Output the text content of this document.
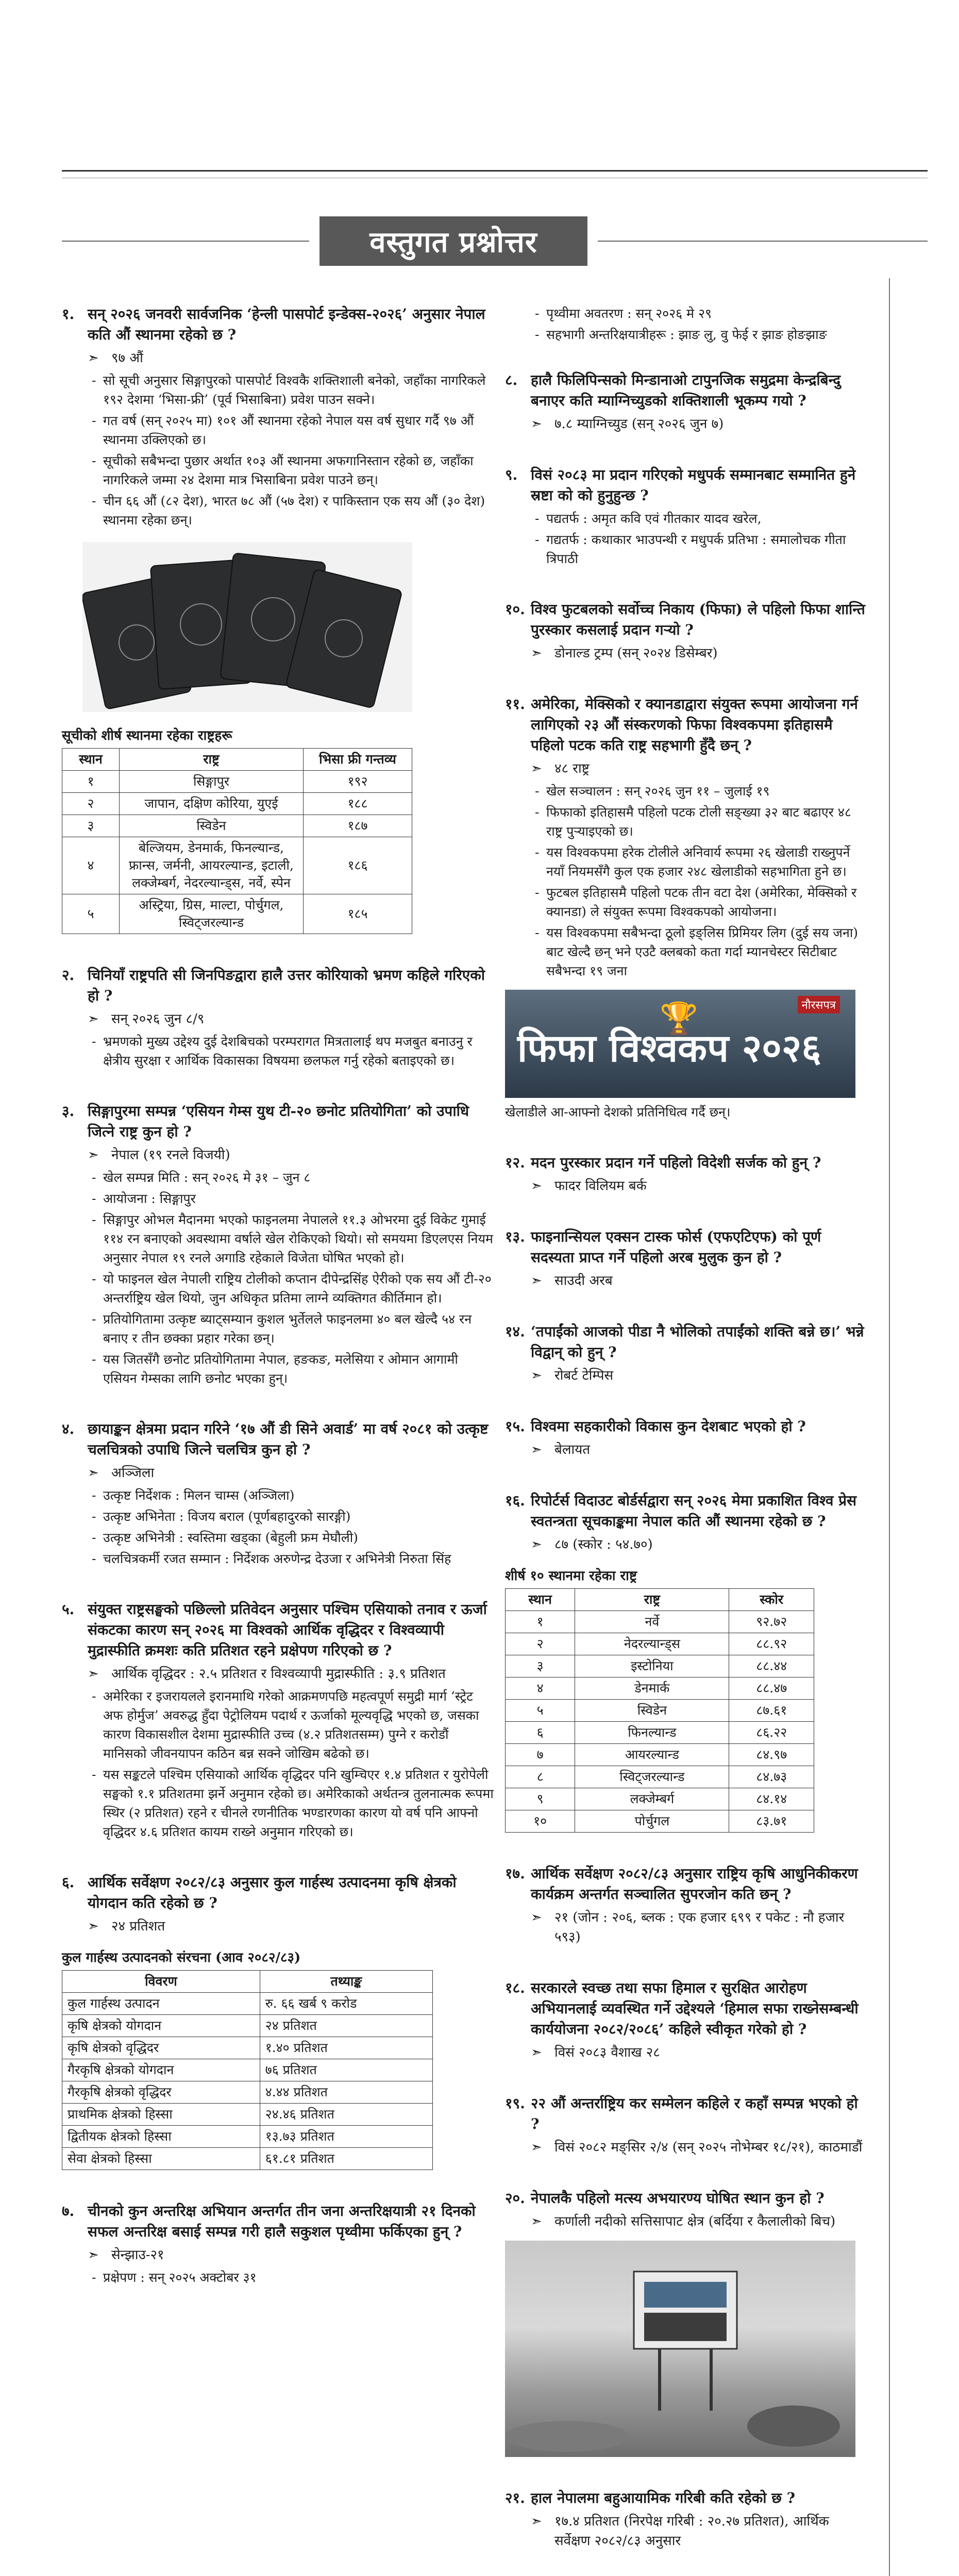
वस्तुगत प्रश्नोत्तर
१. सन् २०२६ जनवरी सार्वजनिक ‘हेन्ली पासपोर्ट इन्डेक्स-२०२६’ अनुसार नेपाल कति औं स्थानमा रहेको छ ?
➣ ९७ औं
- सो सूची अनुसार सिङ्गापुरको पासपोर्ट विश्वकै शक्तिशाली बनेको, जहाँका नागरिकले १९२ देशमा ‘भिसा-फ्री’ (पूर्व भिसाबिना) प्रवेश पाउन सक्ने।
- गत वर्ष (सन् २०२५ मा) १०१ औं स्थानमा रहेको नेपाल यस वर्ष सुधार गर्दै ९७ औं स्थानमा उक्लिएको छ।
- सूचीको सबैभन्दा पुछार अर्थात १०३ औं स्थानमा अफगानिस्तान रहेको छ, जहाँका नागरिकले जम्मा २४ देशमा मात्र भिसाबिना प्रवेश पाउने छन्।
- चीन ६६ औं (८२ देश), भारत ७८ औं (५७ देश) र पाकिस्तान एक सय औं (३० देश) स्थानमा रहेका छन्।
सूचीको शीर्ष स्थानमा रहेका राष्ट्रहरू
स्थान	राष्ट्र	भिसा फ्री गन्तव्य
१	सिङ्गापुर	१९२
२	जापान, दक्षिण कोरिया, युएई	१८८
३	स्विडेन	१८७
४	बेल्जियम, डेनमार्क, फिनल्यान्ड, फ्रान्स, जर्मनी, आयरल्यान्ड, इटाली, लक्जेम्बर्ग, नेदरल्यान्ड्स, नर्वे, स्पेन	१८६
५	अस्ट्रिया, ग्रिस, माल्टा, पोर्चुगल, स्विट्जरल्यान्ड	१८५
२. चिनियाँ राष्ट्रपति सी जिनपिङद्वारा हालै उत्तर कोरियाको भ्रमण कहिले गरिएको हो ?
➣ सन् २०२६ जुन ८/९
- भ्रमणको मुख्य उद्देश्य दुई देशबिचको परम्परागत मित्रतालाई थप मजबुत बनाउनु र क्षेत्रीय सुरक्षा र आर्थिक विकासका विषयमा छलफल गर्नु रहेको बताइएको छ।
३. सिङ्गापुरमा सम्पन्न ‘एसियन गेम्स युथ टी-२० छनोट प्रतियोगिता’ को उपाधि जित्ने राष्ट्र कुन हो ?
➣ नेपाल (१९ रनले विजयी)
- खेल सम्पन्न मिति : सन् २०२६ मे ३१ – जुन ८
- आयोजना : सिङ्गापुर
- सिङ्गापुर ओभल मैदानमा भएको फाइनलमा नेपालले ११.३ ओभरमा दुई विकेट गुमाई ११४ रन बनाएको अवस्थामा वर्षाले खेल रोकिएको थियो। सो समयमा डिएलएस नियम अनुसार नेपाल १९ रनले अगाडि रहेकाले विजेता घोषित भएको हो।
- यो फाइनल खेल नेपाली राष्ट्रिय टोलीको कप्तान दीपेन्द्रसिंह ऐरीको एक सय औं टी-२० अन्तर्राष्ट्रिय खेल थियो, जुन अधिकृत प्रतिमा लाग्ने व्यक्तिगत कीर्तिमान हो।
- प्रतियोगितामा उत्कृष्ट ब्याट्सम्यान कुशल भुर्तेलले फाइनलमा ४० बल खेल्दै ५४ रन बनाए र तीन छक्का प्रहार गरेका छन्।
- यस जितसँगै छनोट प्रतियोगितामा नेपाल, हङकङ, मलेसिया र ओमान आगामी एसियन गेम्सका लागि छनोट भएका हुन्।
४. छायाङ्कन क्षेत्रमा प्रदान गरिने ‘१७ औं डी सिने अवार्ड’ मा वर्ष २०८१ को उत्कृष्ट चलचित्रको उपाधि जित्ने चलचित्र कुन हो ?
➣ अञ्जिला
- उत्कृष्ट निर्देशक : मिलन चाम्स (अञ्जिला)
- उत्कृष्ट अभिनेता : विजय बराल (पूर्णबहादुरको सारङ्गी)
- उत्कृष्ट अभिनेत्री : स्वस्तिमा खड्का (बेहुली फ्रम मेघौली)
- चलचित्रकर्मी रजत सम्मान : निर्देशक अरुणेन्द्र देउजा र अभिनेत्री निरुता सिंह
५. संयुक्त राष्ट्रसङ्घको पछिल्लो प्रतिवेदन अनुसार पश्चिम एसियाको तनाव र ऊर्जा संकटका कारण सन् २०२६ मा विश्वको आर्थिक वृद्धिदर र विश्वव्यापी मुद्रास्फीति क्रमशः कति प्रतिशत रहने प्रक्षेपण गरिएको छ ?
➣ आर्थिक वृद्धिदर : २.५ प्रतिशत र विश्वव्यापी मुद्रास्फीति : ३.९ प्रतिशत
- अमेरिका र इजरायलले इरानमाथि गरेको आक्रमणपछि महत्वपूर्ण समुद्री मार्ग ‘स्ट्रेट अफ होर्मुज’ अवरुद्ध हुँदा पेट्रोलियम पदार्थ र ऊर्जाको मूल्यवृद्धि भएको छ, जसका कारण विकासशील देशमा मुद्रास्फीति उच्च (४.२ प्रतिशतसम्म) पुग्ने र करोडौं मानिसको जीवनयापन कठिन बन्न सक्ने जोखिम बढेको छ।
- यस सङ्कटले पश्चिम एसियाको आर्थिक वृद्धिदर पनि खुम्चिएर १.४ प्रतिशत र युरोपेली सङ्घको १.१ प्रतिशतमा झर्ने अनुमान रहेको छ। अमेरिकाको अर्थतन्त्र तुलनात्मक रूपमा स्थिर (२ प्रतिशत) रहने र चीनले रणनीतिक भण्डारणका कारण यो वर्ष पनि आफ्नो वृद्धिदर ४.६ प्रतिशत कायम राख्ने अनुमान गरिएको छ।
६. आर्थिक सर्वेक्षण २०८२/८३ अनुसार कुल गार्हस्थ उत्पादनमा कृषि क्षेत्रको योगदान कति रहेको छ ?
➣ २४ प्रतिशत
कुल गार्हस्थ उत्पादनको संरचना (आव २०८२/८३)
विवरण	तथ्याङ्क
कुल गार्हस्थ उत्पादन	रु. ६६ खर्ब ९ करोड
कृषि क्षेत्रको योगदान	२४ प्रतिशत
कृषि क्षेत्रको वृद्धिदर	१.४० प्रतिशत
गैरकृषि क्षेत्रको योगदान	७६ प्रतिशत
गैरकृषि क्षेत्रको वृद्धिदर	४.४४ प्रतिशत
प्राथमिक क्षेत्रको हिस्सा	२४.४६ प्रतिशत
द्वितीयक क्षेत्रको हिस्सा	१३.७३ प्रतिशत
सेवा क्षेत्रको हिस्सा	६१.८१ प्रतिशत
७. चीनको कुन अन्तरिक्ष अभियान अन्तर्गत तीन जना अन्तरिक्षयात्री २१ दिनको सफल अन्तरिक्ष बसाई सम्पन्न गरी हालै सकुशल पृथ्वीमा फर्किएका हुन् ?
➣ सेन्झाउ-२१
- प्रक्षेपण : सन् २०२५ अक्टोबर ३१
- पृथ्वीमा अवतरण : सन् २०२६ मे २९
- सहभागी अन्तरिक्षयात्रीहरू : झाङ लु, वु फेई र झाङ होङझाङ
८. हालै फिलिपिन्सको मिन्डानाओ टापुनजिक समुद्रमा केन्द्रबिन्दु बनाएर कति म्याग्निच्युडको शक्तिशाली भूकम्प गयो ?
➣ ७.८ म्याग्निच्युड (सन् २०२६ जुन ७)
९. विसं २०८३ मा प्रदान गरिएको मधुपर्क सम्मानबाट सम्मानित हुने स्रष्टा को को हुनुहुन्छ ?
- पद्यतर्फ : अमृत कवि एवं गीतकार यादव खरेल,
- गद्यतर्फ : कथाकार भाउपन्थी र मधुपर्क प्रतिभा : समालोचक गीता त्रिपाठी
१०. विश्व फुटबलको सर्वोच्च निकाय (फिफा) ले पहिलो फिफा शान्ति पुरस्कार कसलाई प्रदान गर्‍यो ?
➣ डोनाल्ड ट्रम्प (सन् २०२४ डिसेम्बर)
११. अमेरिका, मेक्सिको र क्यानडाद्वारा संयुक्त रूपमा आयोजना गर्न लागिएको २३ औं संस्करणको फिफा विश्वकपमा इतिहासमै पहिलो पटक कति राष्ट्र सहभागी हुँदै छन् ?
➣ ४८ राष्ट्र
- खेल सञ्चालन : सन् २०२६ जुन ११ – जुलाई १९
- फिफाको इतिहासमै पहिलो पटक टोली सङ्ख्या ३२ बाट बढाएर ४८ राष्ट्र पुऱ्याइएको छ।
- यस विश्वकपमा हरेक टोलीले अनिवार्य रूपमा २६ खेलाडी राख्नुपर्ने नयाँ नियमसँगै कुल एक हजार २४८ खेलाडीको सहभागिता हुने छ।
- फुटबल इतिहासमै पहिलो पटक तीन वटा देश (अमेरिका, मेक्सिको र क्यानडा) ले संयुक्त रूपमा विश्वकपको आयोजना।
- यस विश्वकपमा सबैभन्दा ठूलो इङ्लिस प्रिमियर लिग (दुई सय जना) बाट खेल्दै छन् भने एउटै क्लबको कता गर्दा म्यानचेस्टर सिटीबाट सबैभन्दा १९ जना
नौरसपत्र
फिफा विश्वकप २०२६
🏆
खेलाडीले आ-आफ्नो देशको प्रतिनिधित्व गर्दै छन्।
१२. मदन पुरस्कार प्रदान गर्ने पहिलो विदेशी सर्जक को हुन् ?
➣ फादर विलियम बर्क
१३. फाइनान्सियल एक्सन टास्क फोर्स (एफएटिएफ) को पूर्ण सदस्यता प्राप्त गर्ने पहिलो अरब मुलुक कुन हो ?
➣ साउदी अरब
१४. ‘तपाईंको आजको पीडा नै भोलिको तपाईंको शक्ति बन्ने छ।’ भन्ने विद्वान् को हुन् ?
➣ रोबर्ट टेम्पिस
१५. विश्वमा सहकारीको विकास कुन देशबाट भएको हो ?
➣ बेलायत
१६. रिपोर्टर्स विदाउट बोर्डर्सद्वारा सन् २०२६ मेमा प्रकाशित विश्व प्रेस स्वतन्त्रता सूचकाङ्कमा नेपाल कति औं स्थानमा रहेको छ ?
➣ ८७ (स्कोर : ५४.७०)
शीर्ष १० स्थानमा रहेका राष्ट्र
स्थान	राष्ट्र	स्कोर
१	नर्वे	९२.७२
२	नेदरल्यान्ड्स	८८.९२
३	इस्टोनिया	८८.४४
४	डेनमार्क	८८.४७
५	स्विडेन	८७.६१
६	फिनल्यान्ड	८६.२२
७	आयरल्यान्ड	८४.९७
८	स्विट्जरल्यान्ड	८४.७३
९	लक्जेम्बर्ग	८४.१४
१०	पोर्चुगल	८३.७१
१७. आर्थिक सर्वेक्षण २०८२/८३ अनुसार राष्ट्रिय कृषि आधुनिकीकरण कार्यक्रम अन्तर्गत सञ्चालित सुपरजोन कति छन् ?
➣ २१ (जोन : २०६, ब्लक : एक हजार ६९९ र पकेट : नौ हजार ५९३)
१८. सरकारले स्वच्छ तथा सफा हिमाल र सुरक्षित आरोहण अभियानलाई व्यवस्थित गर्ने उद्देश्यले ‘हिमाल सफा राख्नेसम्बन्धी कार्ययोजना २०८२/२०८६’ कहिले स्वीकृत गरेको हो ?
➣ विसं २०८३ वैशाख २८
१९. २२ औं अन्तर्राष्ट्रिय कर सम्मेलन कहिले र कहाँ सम्पन्न भएको हो ?
➣ विसं २०८२ मङ्सिर २/४ (सन् २०२५ नोभेम्बर १८/२१), काठमाडौं
२०. नेपालकै पहिलो मत्स्य अभयारण्य घोषित स्थान कुन हो ?
➣ कर्णाली नदीको सत्तिसापाट क्षेत्र (बर्दिया र कैलालीको बिच)
२१. हाल नेपालमा बहुआयामिक गरिबी कति रहेको छ ?
➣ १७.४ प्रतिशत (निरपेक्ष गरिबी : २०.२७ प्रतिशत), आर्थिक सर्वेक्षण २०८२/८३ अनुसार
